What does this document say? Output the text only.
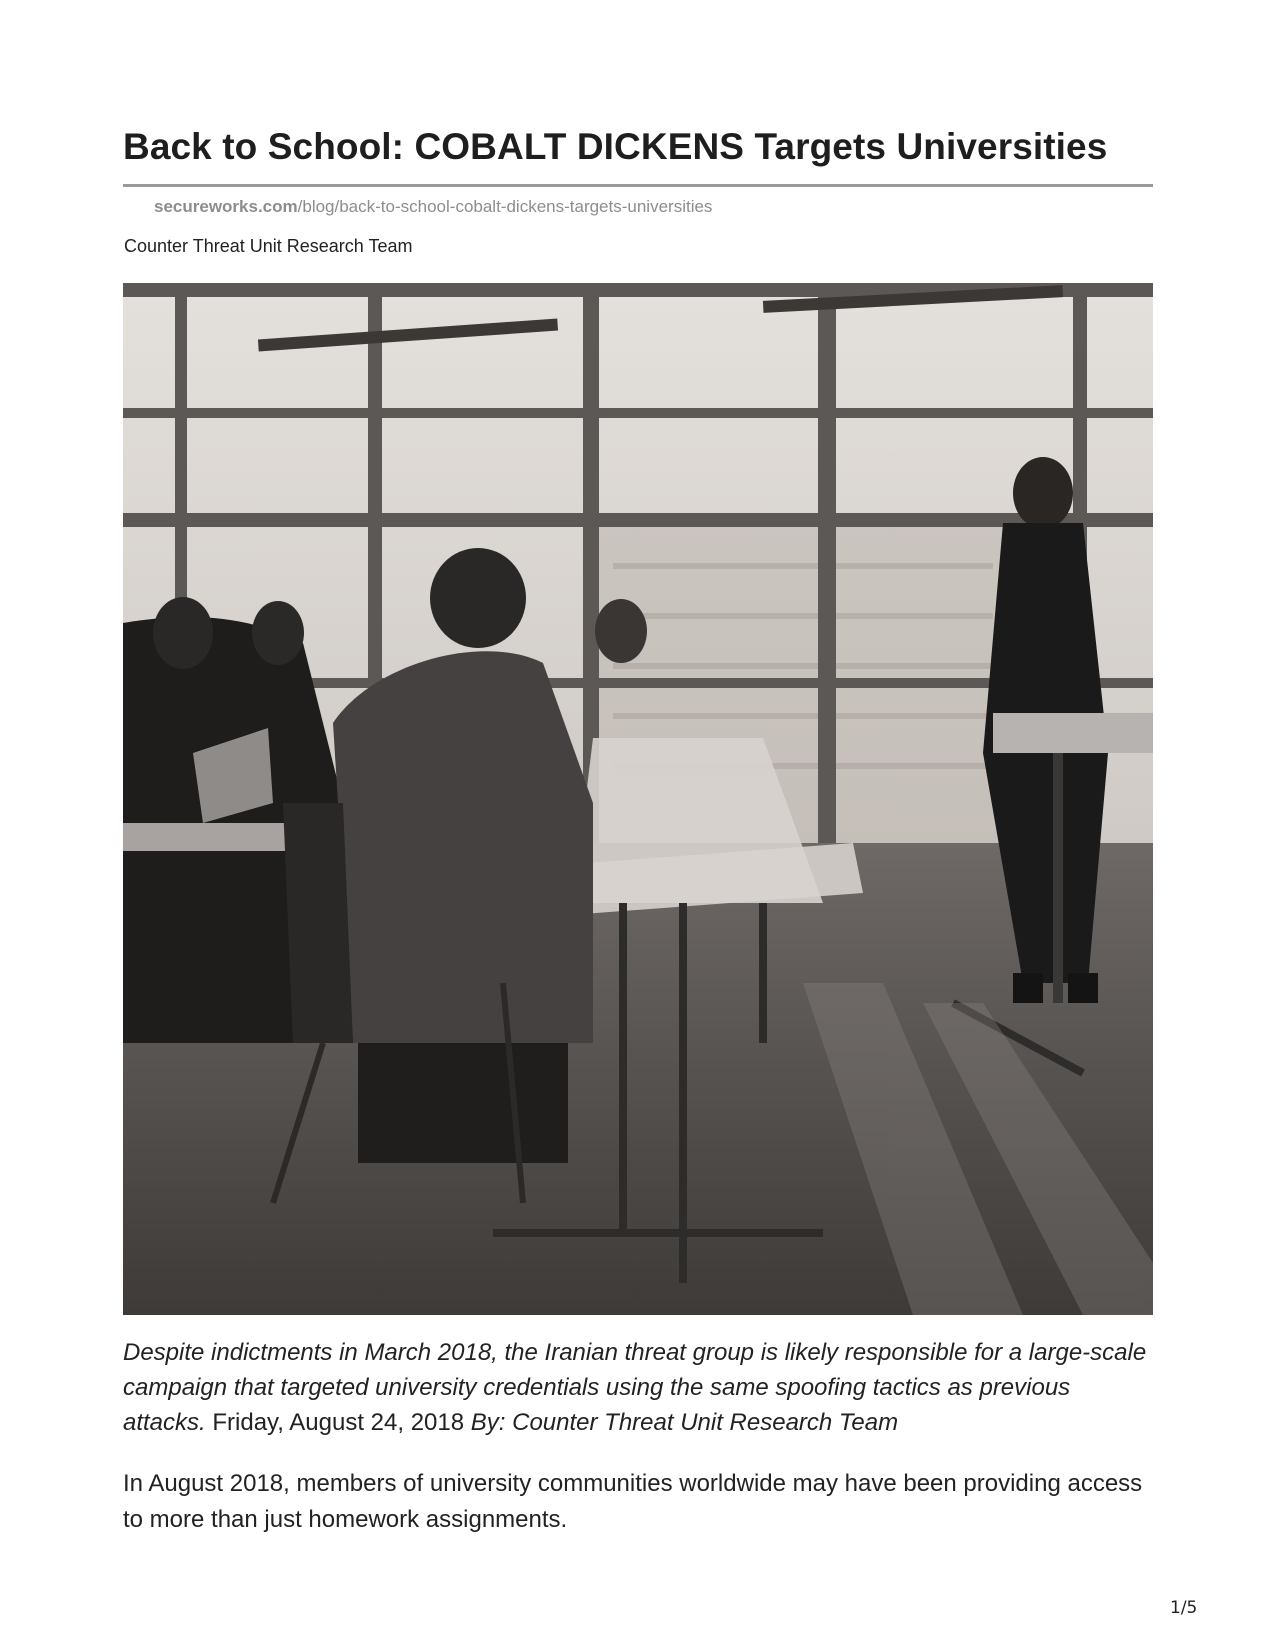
Back to School: COBALT DICKENS Targets Universities
secureworks.com/blog/back-to-school-cobalt-dickens-targets-universities
Counter Threat Unit Research Team

Despite indictments in March 2018, the Iranian threat group is likely responsible for a large-scale campaign that targeted university credentials using the same spoofing tactics as previous attacks. Friday, August 24, 2018 By: Counter Threat Unit Research Team

In August 2018, members of university communities worldwide may have been providing access to more than just homework assignments.

1/5
